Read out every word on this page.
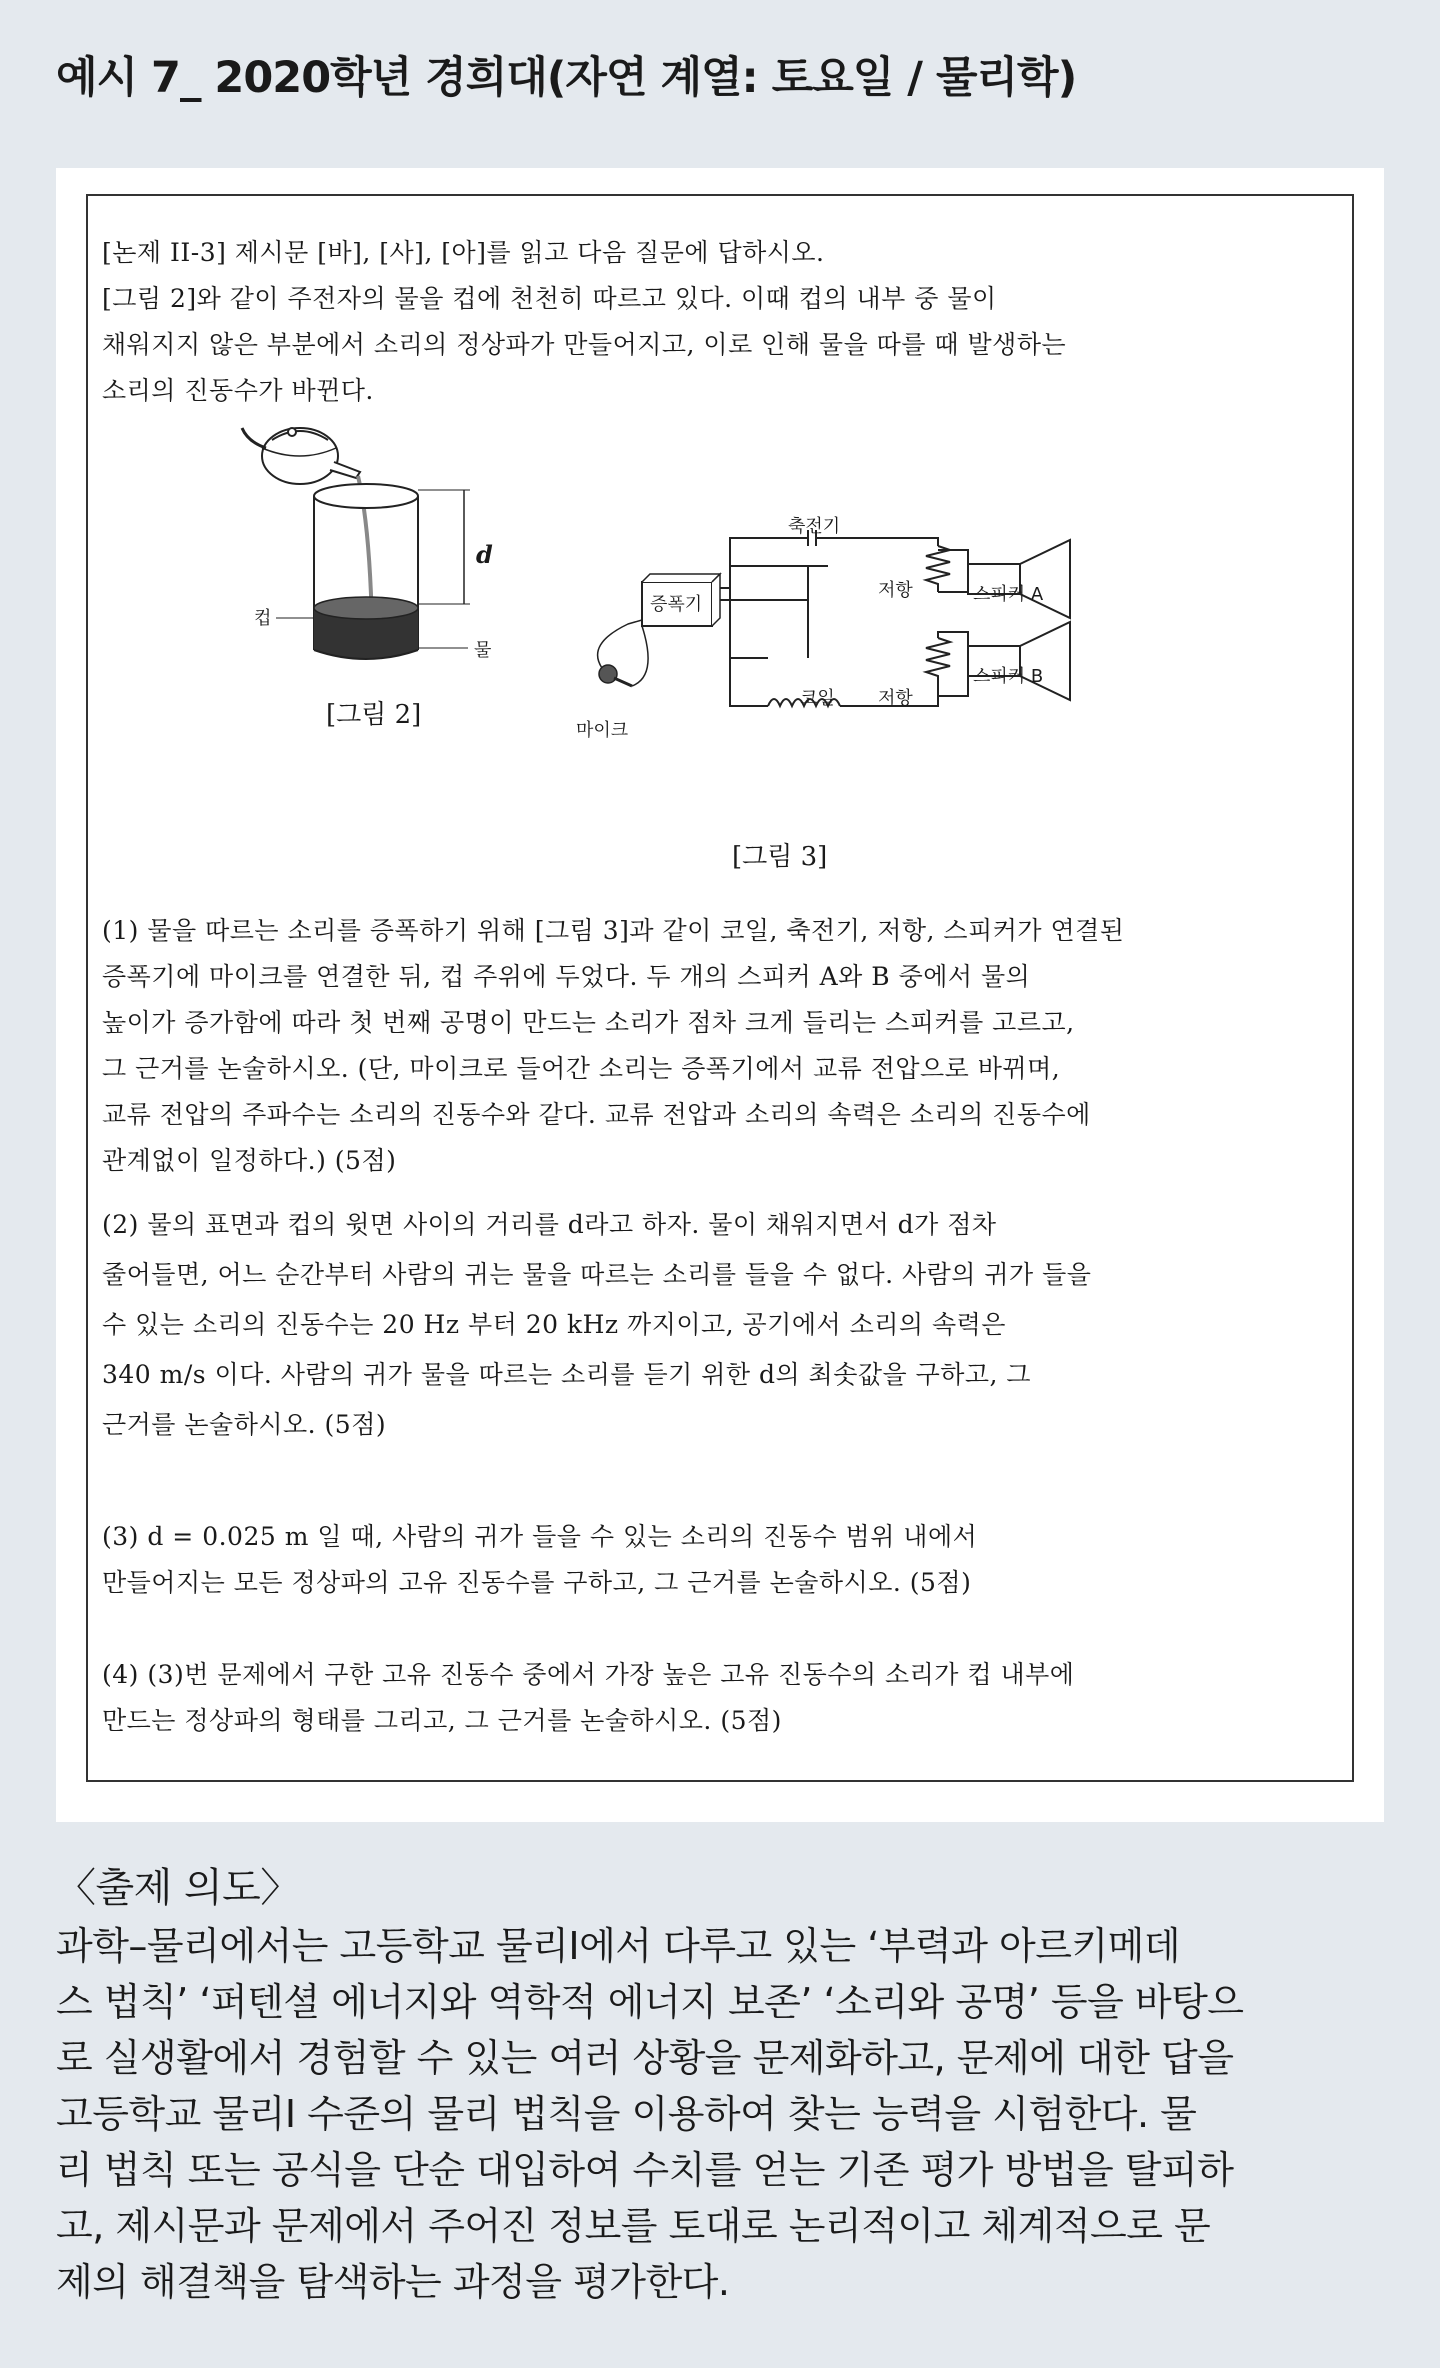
예시 7_ 2020학년 경희대(자연 계열: 토요일 / 물리학)
[논제 II-3] 제시문 [바], [사], [아]를 읽고 다음 질문에 답하시오.
[그림 2]와 같이 주전자의 물을 컵에 천천히 따르고 있다. 이때 컵의 내부 중 물이
채워지지 않은 부분에서 소리의 정상파가 만들어지고, 이로 인해 물을 따를 때 발생하는
소리의 진동수가 바뀐다.
d
컵
물
[그림 2]
축전기
저항
증폭기	스피커 A
코일 저항
스피커 B
마이크
[그림 3]
(1) 물을 따르는 소리를 증폭하기 위해 [그림 3]과 같이 코일, 축전기, 저항, 스피커가 연결된
증폭기에 마이크를 연결한 뒤, 컵 주위에 두었다. 두 개의 스피커 A와 B 중에서 물의
높이가 증가함에 따라 첫 번째 공명이 만드는 소리가 점차 크게 들리는 스피커를 고르고,
그 근거를 논술하시오. (단, 마이크로 들어간 소리는 증폭기에서 교류 전압으로 바뀌며,
교류 전압의 주파수는 소리의 진동수와 같다. 교류 전압과 소리의 속력은 소리의 진동수에
관계없이 일정하다.) (5점)
(2) 물의 표면과 컵의 윗면 사이의 거리를 d라고 하자. 물이 채워지면서 d가 점차
줄어들면, 어느 순간부터 사람의 귀는 물을 따르는 소리를 들을 수 없다. 사람의 귀가 들을
수 있는 소리의 진동수는 20 Hz 부터 20 kHz 까지이고, 공기에서 소리의 속력은
340 m/s 이다. 사람의 귀가 물을 따르는 소리를 듣기 위한 d의 최솟값을 구하고, 그
근거를 논술하시오. (5점)
(3) d = 0.025 m 일 때, 사람의 귀가 들을 수 있는 소리의 진동수 범위 내에서
만들어지는 모든 정상파의 고유 진동수를 구하고, 그 근거를 논술하시오. (5점)
(4) (3)번 문제에서 구한 고유 진동수 중에서 가장 높은 고유 진동수의 소리가 컵 내부에
만드는 정상파의 형태를 그리고, 그 근거를 논술하시오. (5점)
〈출제 의도〉
과학–물리에서는 고등학교 물리Ⅰ에서 다루고 있는 ‘부력과 아르키메데
스 법칙’ ‘퍼텐셜 에너지와 역학적 에너지 보존’ ‘소리와 공명’ 등을 바탕으
로 실생활에서 경험할 수 있는 여러 상황을 문제화하고, 문제에 대한 답을
고등학교 물리Ⅰ 수준의 물리 법칙을 이용하여 찾는 능력을 시험한다. 물
리 법칙 또는 공식을 단순 대입하여 수치를 얻는 기존 평가 방법을 탈피하
고, 제시문과 문제에서 주어진 정보를 토대로 논리적이고 체계적으로 문
제의 해결책을 탐색하는 과정을 평가한다.
